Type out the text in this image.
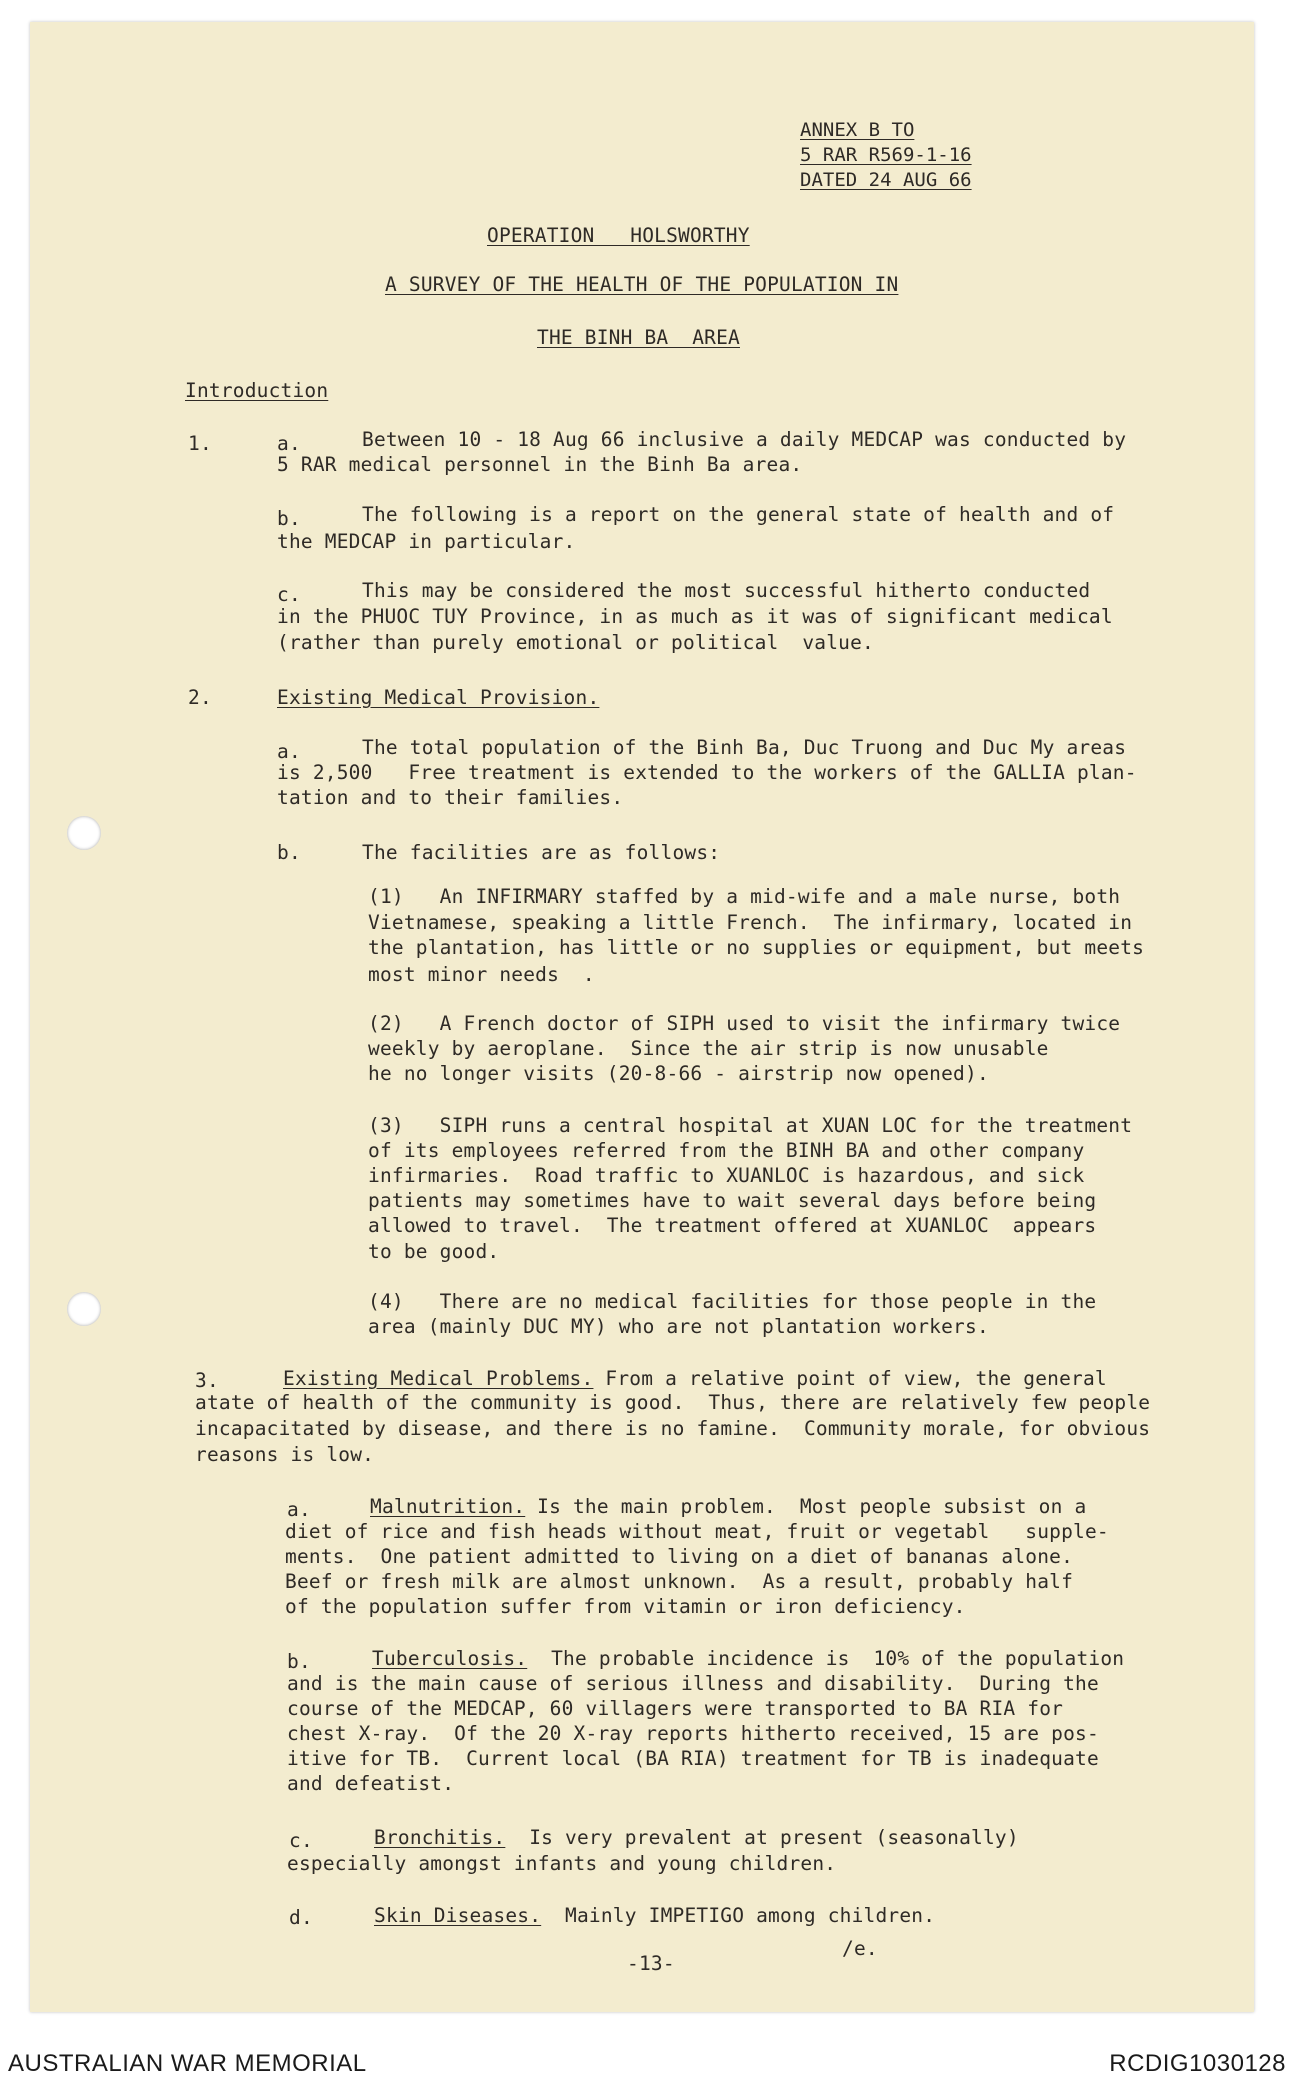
ANNEX B TO
5 RAR R569-1-16
DATED 24 AUG 66
OPERATION   HOLSWORTHY
A SURVEY OF THE HEALTH OF THE POPULATION IN
THE BINH BA  AREA
Introduction
1.	a.	Between 10 - 18 Aug 66 inclusive a daily MEDCAP was conducted by
5 RAR medical personnel in the Binh Ba area.
b.	The following is a report on the general state of health and of
the MEDCAP in particular.
c.	This may be considered the most successful hitherto conducted
in the PHUOC TUY Province, in as much as it was of significant medical
(rather than purely emotional or political  value.
2.	Existing Medical Provision.
a.	The total population of the Binh Ba, Duc Truong and Duc My areas
is 2,500   Free treatment is extended to the workers of the GALLIA plan-
tation and to their families.
b.	The facilities are as follows:
(1)   An INFIRMARY staffed by a mid-wife and a male nurse, both
Vietnamese, speaking a little French.  The infirmary, located in
the plantation, has little or no supplies or equipment, but meets
most minor needs  .
(2)   A French doctor of SIPH used to visit the infirmary twice
weekly by aeroplane.  Since the air strip is now unusable
he no longer visits (20-8-66 - airstrip now opened).
(3)   SIPH runs a central hospital at XUAN LOC for the treatment
of its employees referred from the BINH BA and other company
infirmaries.  Road traffic to XUANLOC is hazardous, and sick
patients may sometimes have to wait several days before being
allowed to travel.  The treatment offered at XUANLOC  appears
to be good.
(4)   There are no medical facilities for those people in the
area (mainly DUC MY) who are not plantation workers.
3.	Existing Medical Problems. From a relative point of view, the general
atate of health of the community is good.  Thus, there are relatively few people
incapacitated by disease, and there is no famine.  Community morale, for obvious
reasons is low.
a.	Malnutrition. Is the main problem.  Most people subsist on a
diet of rice and fish heads without meat, fruit or vegetabl   supple-
ments.  One patient admitted to living on a diet of bananas alone.
Beef or fresh milk are almost unknown.  As a result, probably half
of the population suffer from vitamin or iron deficiency.
b.	Tuberculosis.  The probable incidence is  10% of the population
and is the main cause of serious illness and disability.  During the
course of the MEDCAP, 60 villagers were transported to BA RIA for
chest X-ray.  Of the 20 X-ray reports hitherto received, 15 are pos-
itive for TB.  Current local (BA RIA) treatment for TB is inadequate
and defeatist.
c.	Bronchitis.  Is very prevalent at present (seasonally)
especially amongst infants and young children.
d.	Skin Diseases.  Mainly IMPETIGO among children.
-13-
/e.
AUSTRALIAN WAR MEMORIAL	RCDIG1030128
